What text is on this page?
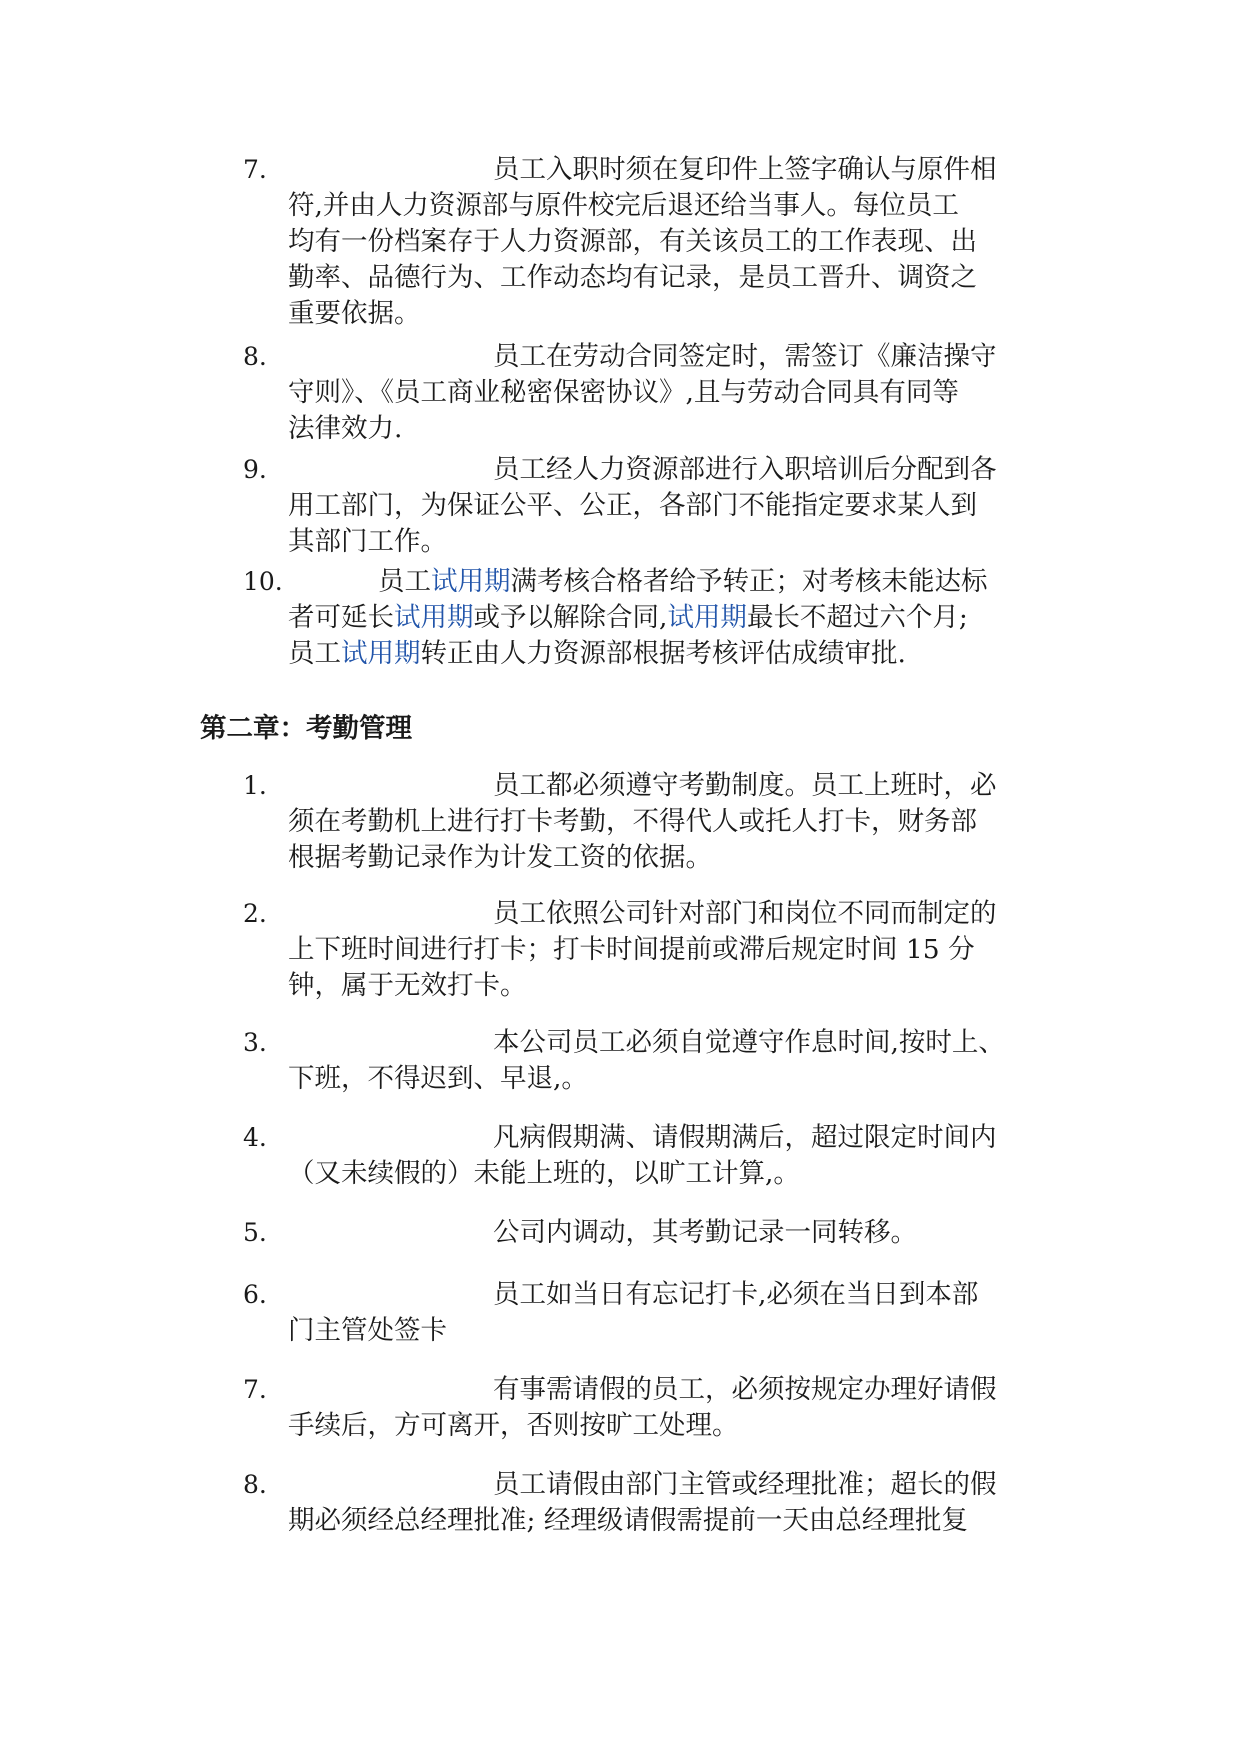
7.	员工入职时须在复印件上签字确认与原件相
符,并由人力资源部与原件校完后退还给当事人。每位员工
均有一份档案存于人力资源部，有关该员工的工作表现、出
勤率、品德行为、工作动态均有记录，是员工晋升、调资之
重要依据。
8.	员工在劳动合同签定时，需签订《廉洁操守
守则》、《员工商业秘密保密协议》,且与劳动合同具有同等
法律效力.
9.	员工经人力资源部进行入职培训后分配到各
用工部门，为保证公平、公正，各部门不能指定要求某人到
其部门工作。
10.	员工试用期满考核合格者给予转正；对考核未能达标
者可延长试用期或予以解除合同,试用期最长不超过六个月;
员工试用期转正由人力资源部根据考核评估成绩审批.
第二章：考勤管理
1.	员工都必须遵守考勤制度。员工上班时，必
须在考勤机上进行打卡考勤，不得代人或托人打卡，财务部
根据考勤记录作为计发工资的依据。
2.	员工依照公司针对部门和岗位不同而制定的
上下班时间进行打卡；打卡时间提前或滞后规定时间 15 分
钟，属于无效打卡。
3.	本公司员工必须自觉遵守作息时间,按时上、
下班，不得迟到、早退,。
4.	凡病假期满、请假期满后，超过限定时间内
（又未续假的）未能上班的，以旷工计算,。
5.	公司内调动，其考勤记录一同转移。
6.	员工如当日有忘记打卡,必须在当日到本部
门主管处签卡
7.	有事需请假的员工，必须按规定办理好请假
手续后，方可离开，否则按旷工处理。
8.	员工请假由部门主管或经理批准；超长的假
期必须经总经理批准; 经理级请假需提前一天由总经理批复
